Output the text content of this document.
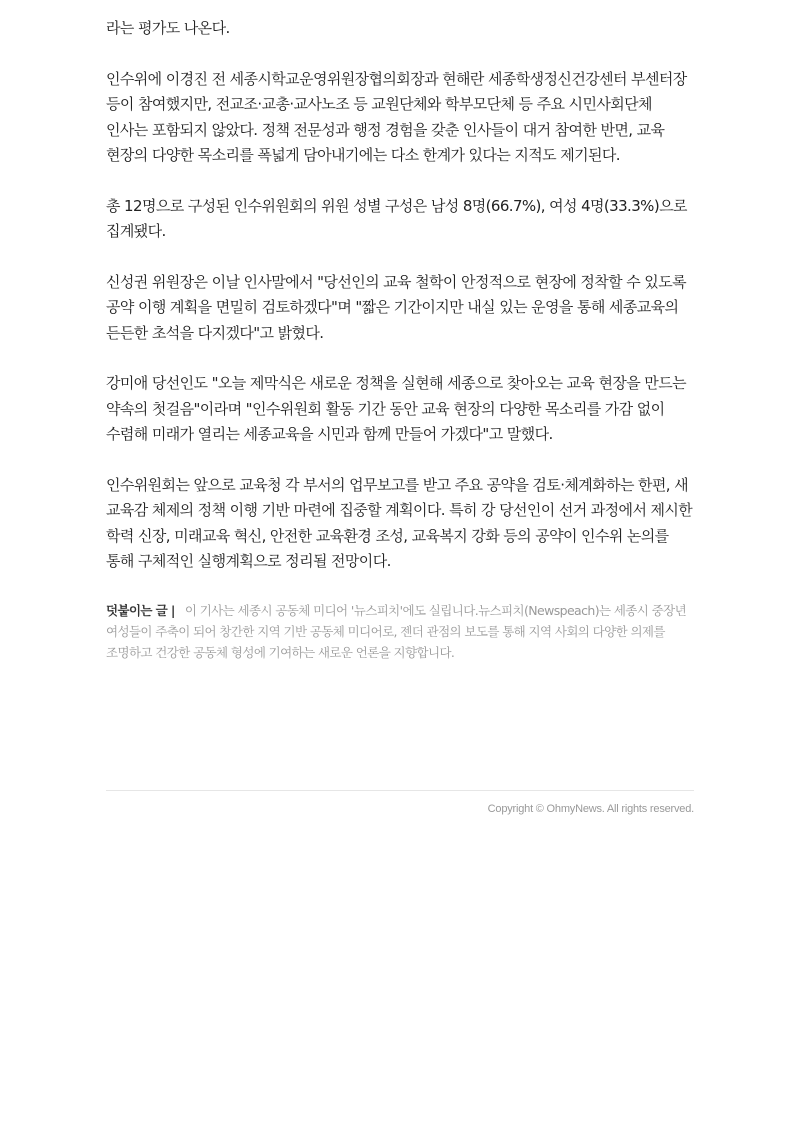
라는 평가도 나온다.

인수위에 이경진 전 세종시학교운영위원장협의회장과 현해란 세종학생정신건강센터 부센터장 등이 참여했지만, 전교조·교총·교사노조 등 교원단체와 학부모단체 등 주요 시민사회단체 인사는 포함되지 않았다. 정책 전문성과 행정 경험을 갖춘 인사들이 대거 참여한 반면, 교육 현장의 다양한 목소리를 폭넓게 담아내기에는 다소 한계가 있다는 지적도 제기된다.

총 12명으로 구성된 인수위원회의 위원 성별 구성은 남성 8명(66.7%), 여성 4명(33.3%)으로 집계됐다.

신성권 위원장은 이날 인사말에서 "당선인의 교육 철학이 안정적으로 현장에 정착할 수 있도록 공약 이행 계획을 면밀히 검토하겠다"며 "짧은 기간이지만 내실 있는 운영을 통해 세종교육의 든든한 초석을 다지겠다"고 밝혔다.

강미애 당선인도 "오늘 제막식은 새로운 정책을 실현해 세종으로 찾아오는 교육 현장을 만드는 약속의 첫걸음"이라며 "인수위원회 활동 기간 동안 교육 현장의 다양한 목소리를 가감 없이 수렴해 미래가 열리는 세종교육을 시민과 함께 만들어 가겠다"고 말했다.

인수위원회는 앞으로 교육청 각 부서의 업무보고를 받고 주요 공약을 검토·체계화하는 한편, 새 교육감 체제의 정책 이행 기반 마련에 집중할 계획이다. 특히 강 당선인이 선거 과정에서 제시한 학력 신장, 미래교육 혁신, 안전한 교육환경 조성, 교육복지 강화 등의 공약이 인수위 논의를 통해 구체적인 실행계획으로 정리될 전망이다.

덧붙이는 글 | 이 기사는 세종시 공동체 미디어 '뉴스피치'에도 실립니다.뉴스피치(Newspeach)는 세종시 중장년 여성들이 주축이 되어 창간한 지역 기반 공동체 미디어로, 젠더 관점의 보도를 통해 지역 사회의 다양한 의제를 조명하고 건강한 공동체 형성에 기여하는 새로운 언론을 지향합니다.
Copyright © OhmyNews. All rights reserved.
